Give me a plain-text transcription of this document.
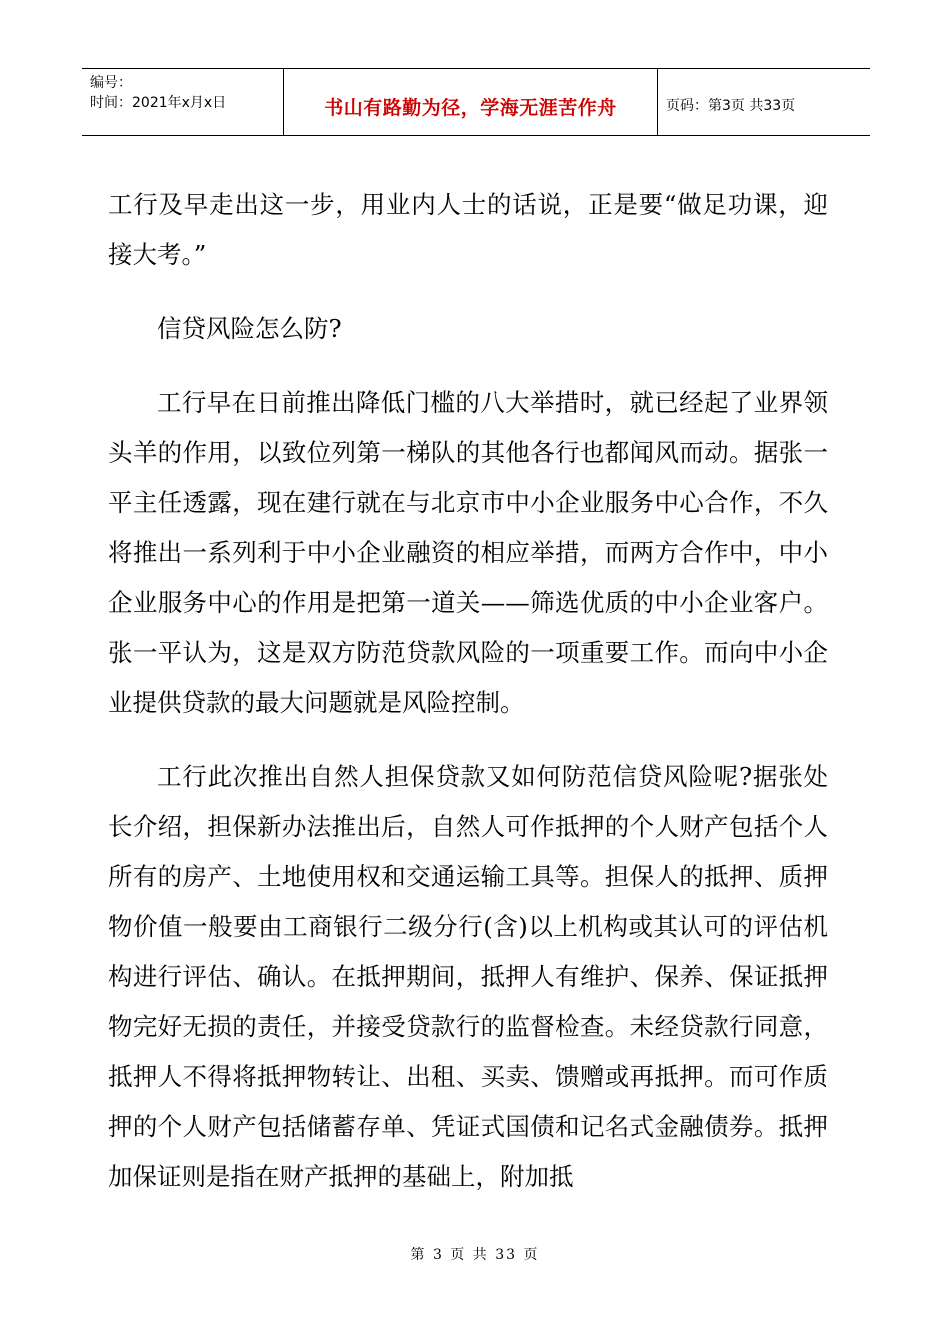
编号：
时间：2021年x月x日	书山有路勤为径，学海无涯苦作舟	页码：第3页 共33页

工行及早走出这一步，用业内人士的话说，正是要“做足功课，迎接大考。”

信贷风险怎么防?

工行早在日前推出降低门槛的八大举措时，就已经起了业界领头羊的作用，以致位列第一梯队的其他各行也都闻风而动。据张一平主任透露，现在建行就在与北京市中小企业服务中心合作，不久将推出一系列利于中小企业融资的相应举措，而两方合作中，中小企业服务中心的作用是把第一道关——筛选优质的中小企业客户。张一平认为，这是双方防范贷款风险的一项重要工作。而向中小企业提供贷款的最大问题就是风险控制。

工行此次推出自然人担保贷款又如何防范信贷风险呢?据张处长介绍，担保新办法推出后，自然人可作抵押的个人财产包括个人所有的房产、土地使用权和交通运输工具等。担保人的抵押、质押物价值一般要由工商银行二级分行(含)以上机构或其认可的评估机构进行评估、确认。在抵押期间，抵押人有维护、保养、保证抵押物完好无损的责任，并接受贷款行的监督检查。未经贷款行同意，抵押人不得将抵押物转让、出租、买卖、馈赠或再抵押。而可作质押的个人财产包括储蓄存单、凭证式国债和记名式金融债券。抵押加保证则是指在财产抵押的基础上，附加抵

第 3 页 共 33 页
